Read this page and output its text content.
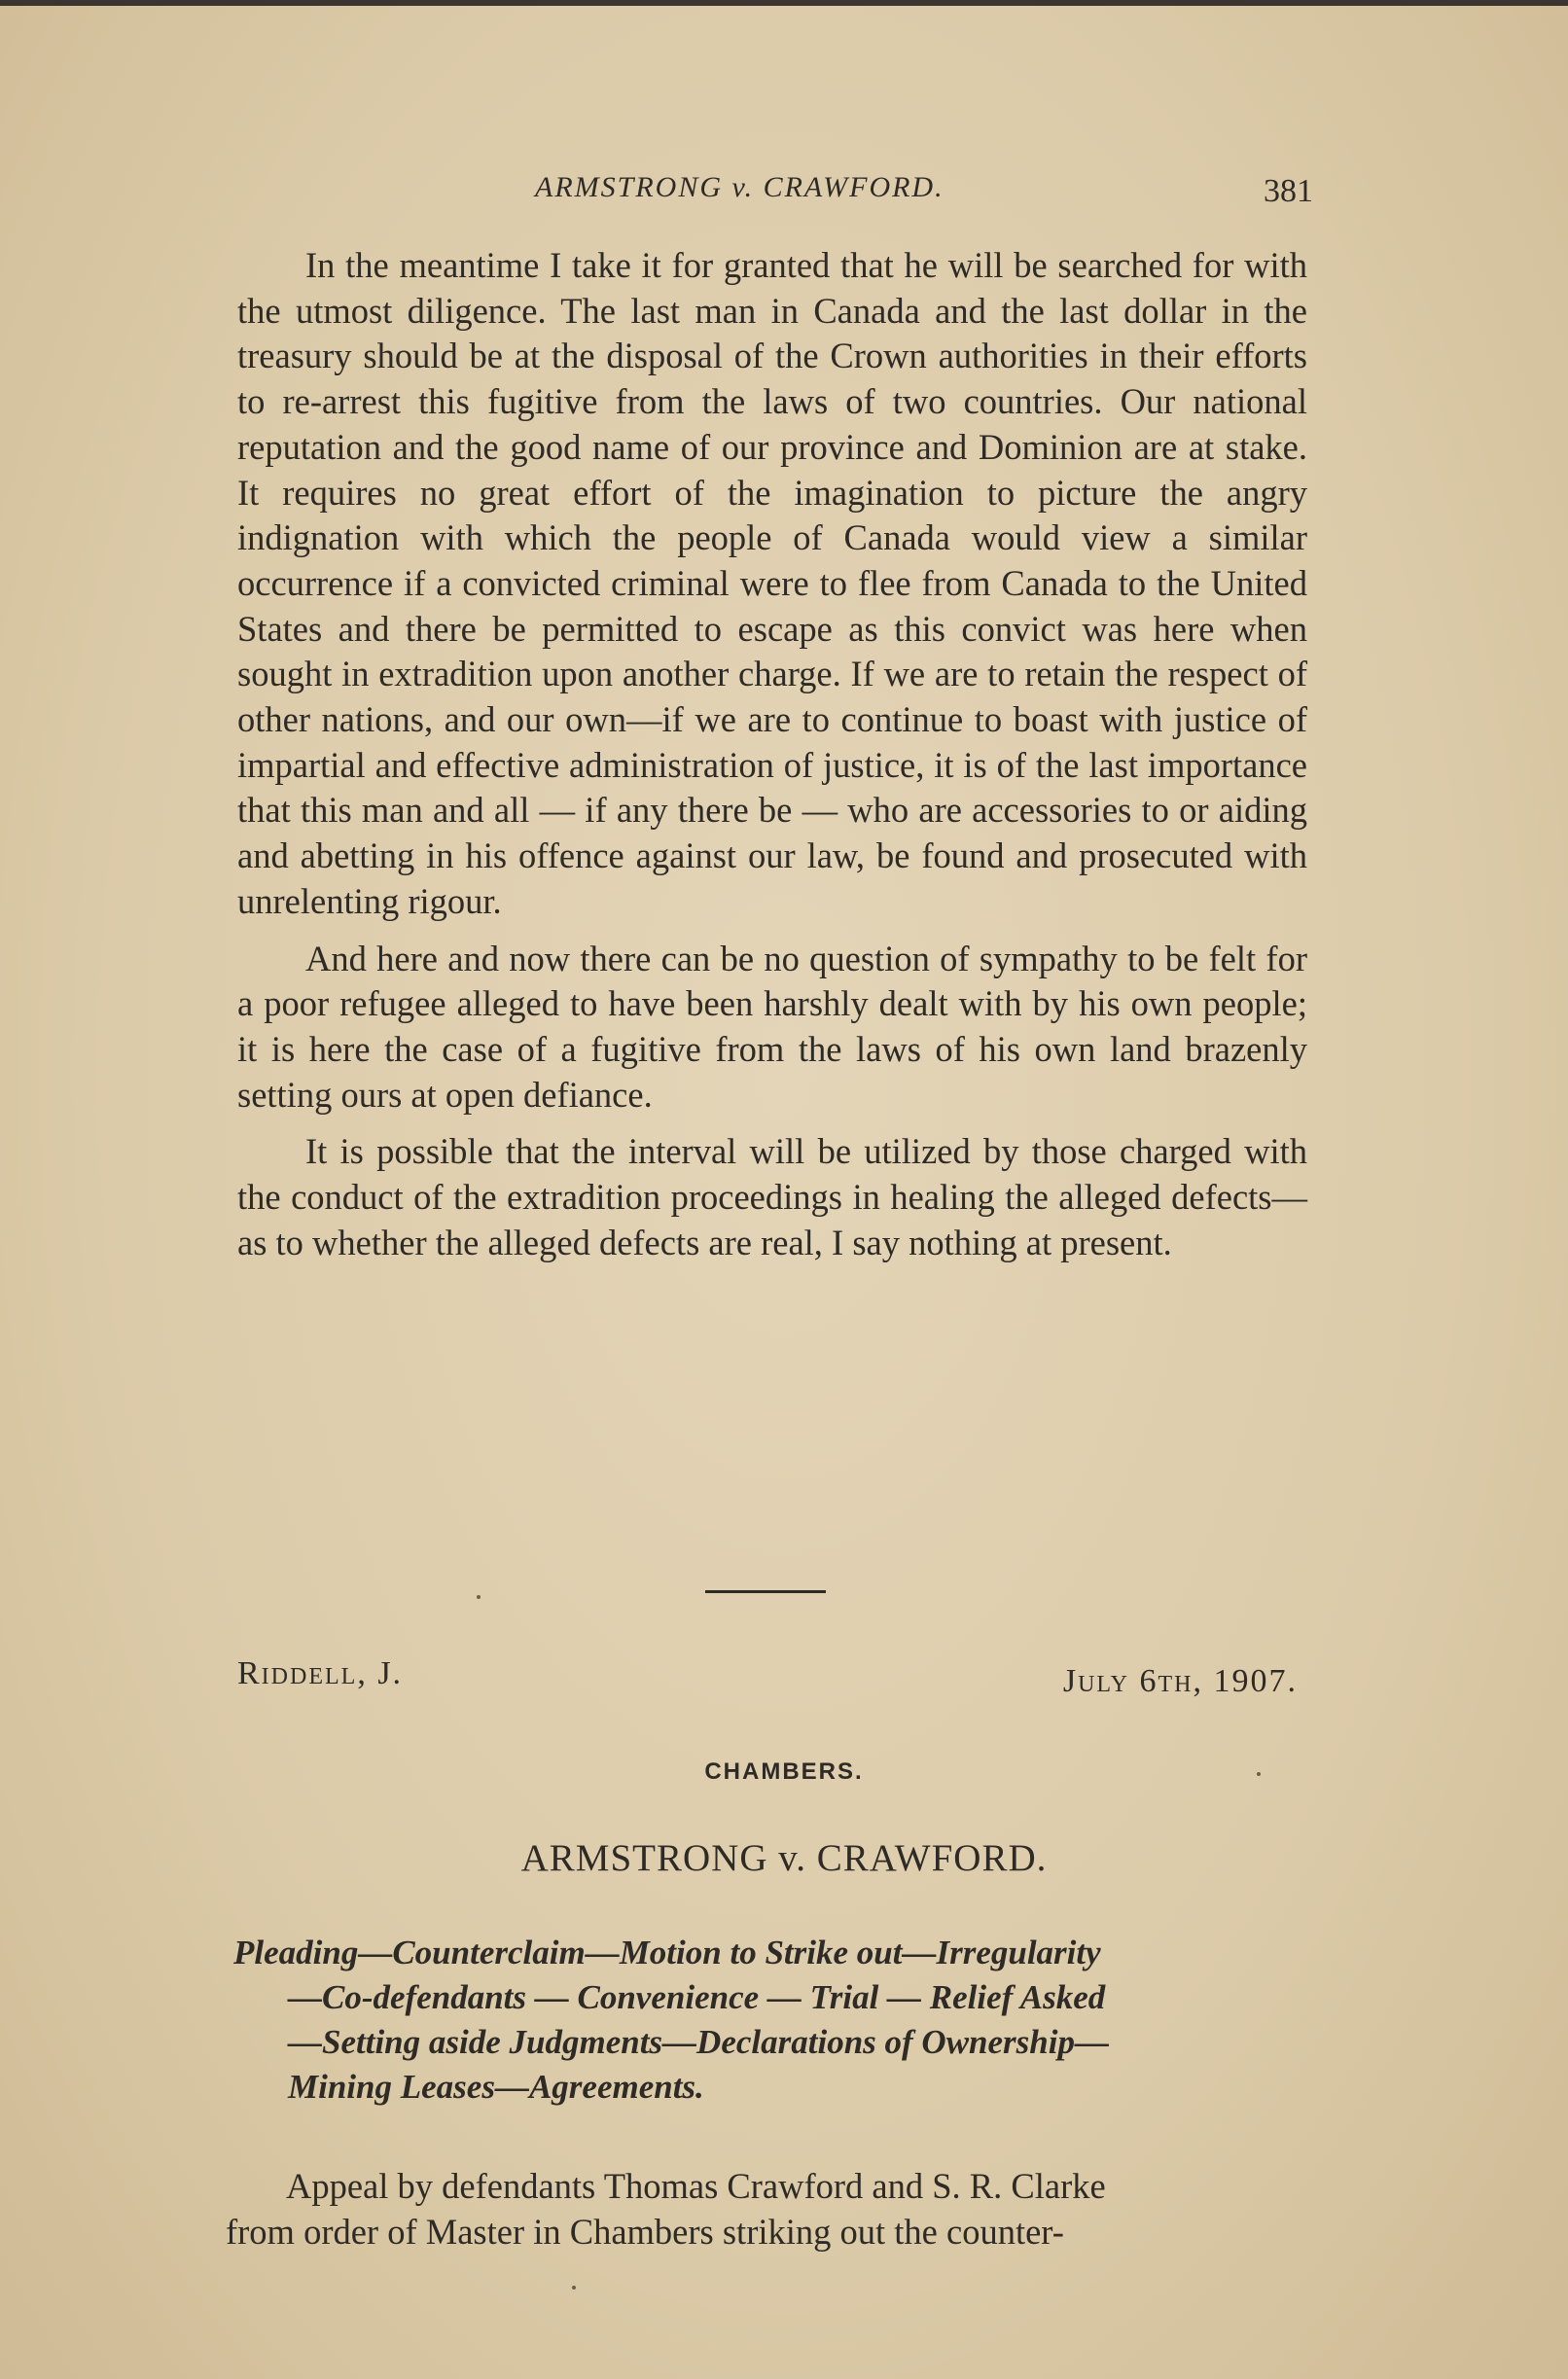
ARMSTRONG v. CRAWFORD.	381

In the meantime I take it for granted that he will be searched for with the utmost diligence. The last man in Canada and the last dollar in the treasury should be at the disposal of the Crown authorities in their efforts to re-arrest this fugitive from the laws of two countries. Our national reputation and the good name of our province and Dominion are at stake. It requires no great effort of the imagination to picture the angry indignation with which the people of Canada would view a similar occurrence if a convicted criminal were to flee from Canada to the United States and there be permitted to escape as this convict was here when sought in extradition upon another charge. If we are to retain the respect of other nations, and our own—if we are to continue to boast with justice of impartial and effective administration of justice, it is of the last importance that this man and all — if any there be — who are accessories to or aiding and abetting in his offence against our law, be found and prosecuted with unrelenting rigour.

And here and now there can be no question of sympathy to be felt for a poor refugee alleged to have been harshly dealt with by his own people; it is here the case of a fugitive from the laws of his own land brazenly setting ours at open defiance.

It is possible that the interval will be utilized by those charged with the conduct of the extradition proceedings in healing the alleged defects—as to whether the alleged defects are real, I say nothing at present.

Riddell, J.	July 6th, 1907.
CHAMBERS.
ARMSTRONG v. CRAWFORD.
Pleading—Counterclaim—Motion to Strike out—Irregularity
—Co-defendants — Convenience — Trial — Relief Asked
—Setting aside Judgments—Declarations of Ownership—
Mining Leases—Agreements.
Appeal by defendants Thomas Crawford and S. R. Clarke
from order of Master in Chambers striking out the counter-
